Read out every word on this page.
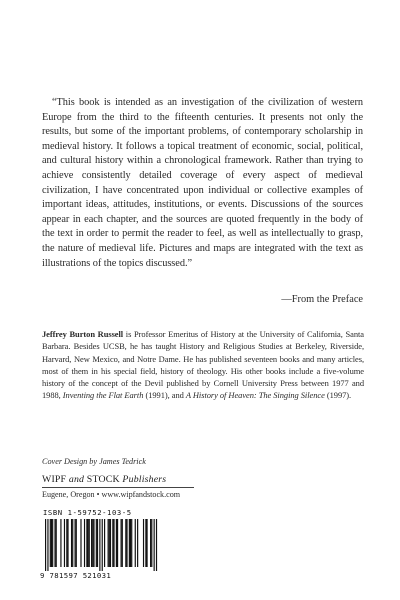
“This book is intended as an investigation of the civilization of western Europe from the third to the fifteenth centuries. It presents not only the results, but some of the important problems, of contemporary scholarship in medieval history. It follows a topical treatment of economic, social, political, and cultural history within a chronological framework. Rather than trying to achieve consistently detailed coverage of every aspect of medieval civilization, I have concentrated upon individual or collective examples of important ideas, attitudes, institutions, or events. Discussions of the sources appear in each chapter, and the sources are quoted frequently in the body of the text in order to permit the reader to feel, as well as intellectually to grasp, the nature of medieval life. Pictures and maps are integrated with the text as illustrations of the topics discussed.”

—From the Preface

Jeffrey Burton Russell is Professor Emeritus of History at the University of California, Santa Barbara. Besides UCSB, he has taught History and Religious Studies at Berkeley, Riverside, Harvard, New Mexico, and Notre Dame. He has published seventeen books and many articles, most of them in his special field, history of theology. His other books include a five-volume history of the concept of the Devil published by Cornell University Press between 1977 and 1988, Inventing the Flat Earth (1991), and A History of Heaven: The Singing Silence (1997).

Cover Design by James Tedrick

WIPF and STOCK Publishers

Eugene, Oregon • www.wipfandstock.com

ISBN 1-59752-103-5

9 781597 521031
